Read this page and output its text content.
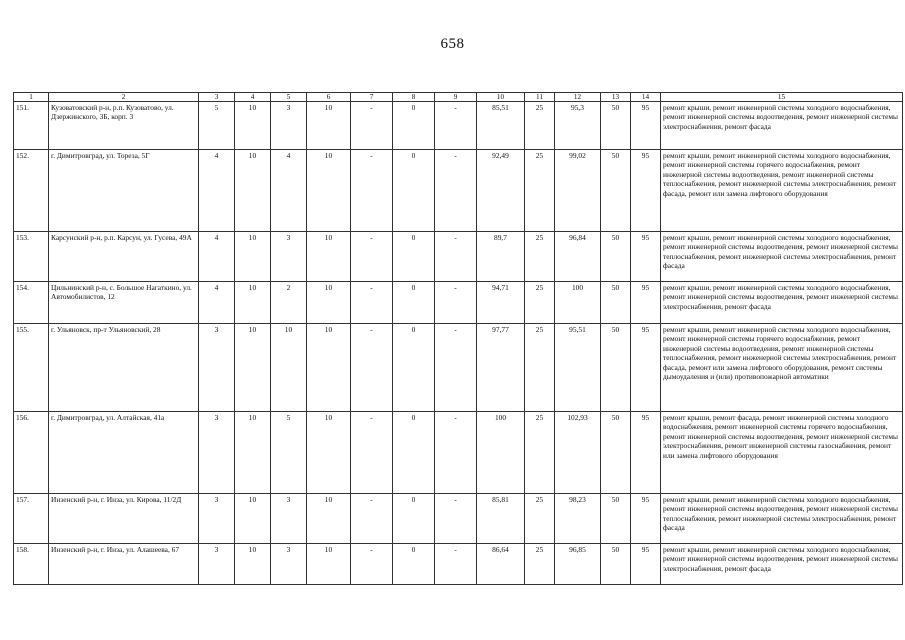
658
1	2	3	4	5	6	7	8	9	10	11	12	13	14	15
151.	Кузоватовский р-н, р.п. Кузоватово, ул. Дзержинского, 3Б, корп. 3	5	10	3	10	-	0	-	85,51	25	95,3	50	95	ремонт крыши, ремонт инженерной системы холодного водоснабжения, ремонт инженерной системы водоотведения, ремонт инженерной системы электроснабжения, ремонт фасада
152.	г. Димитровград, ул. Тореза, 5Г	4	10	4	10	-	0	-	92,49	25	99,02	50	95	ремонт крыши, ремонт инженерной системы холодного водоснабжения, ремонт инженерной системы горячего водоснабжения, ремонт инженерной системы водоотведения, ремонт инженерной системы теплоснабжения, ремонт инженерной системы электроснабжения, ремонт фасада, ремонт или замена лифтового оборудования
153.	Карсунский р-н, р.п. Карсун, ул. Гусева, 49А	4	10	3	10	-	0	-	89,7	25	96,84	50	95	ремонт крыши, ремонт инженерной системы холодного водоснабжения, ремонт инженерной системы водоотведения, ремонт инженерной системы теплоснабжения, ремонт инженерной системы электроснабжения, ремонт фасада
154.	Цильнинский р-н, с. Большое Нагаткино, ул. Автомобилистов, 12	4	10	2	10	-	0	-	94,71	25	100	50	95	ремонт крыши, ремонт инженерной системы холодного водоснабжения, ремонт инженерной системы водоотведения, ремонт инженерной системы электроснабжения, ремонт фасада
155.	г. Ульяновск, пр-т Ульяновский, 28	3	10	10	10	-	0	-	97,77	25	95,51	50	95	ремонт крыши, ремонт инженерной системы холодного водоснабжения, ремонт инженерной системы горячего водоснабжения, ремонт инженерной системы водоотведения, ремонт инженерной системы теплоснабжения, ремонт инженерной системы электроснабжения, ремонт фасада, ремонт или замена лифтового оборудования, ремонт системы дымоудаления и (или) противопожарной автоматики
156.	г. Димитровград, ул. Алтайская, 41а	3	10	5	10	-	0	-	100	25	102,93	50	95	ремонт крыши, ремонт фасада, ремонт инженерной системы холодного водоснабжения, ремонт инженерной системы горячего водоснабжения, ремонт инженерной системы водоотведения, ремонт инженерной системы электроснабжения, ремонт инженерной системы газоснабжения, ремонт или замена лифтового оборудования
157.	Инзенский р-н, г. Инза, ул. Кирова, 11/2Д	3	10	3	10	-	0	-	85,81	25	98,23	50	95	ремонт крыши, ремонт инженерной системы холодного водоснабжения, ремонт инженерной системы водоотведения, ремонт инженерной системы теплоснабжения, ремонт инженерной системы электроснабжения, ремонт фасада
158.	Инзенский р-н, г. Инза, ул. Алашеева, 67	3	10	3	10	-	0	-	86,64	25	96,85	50	95	ремонт крыши, ремонт инженерной системы холодного водоснабжения, ремонт инженерной системы водоотведения, ремонт инженерной системы электроснабжения, ремонт фасада
